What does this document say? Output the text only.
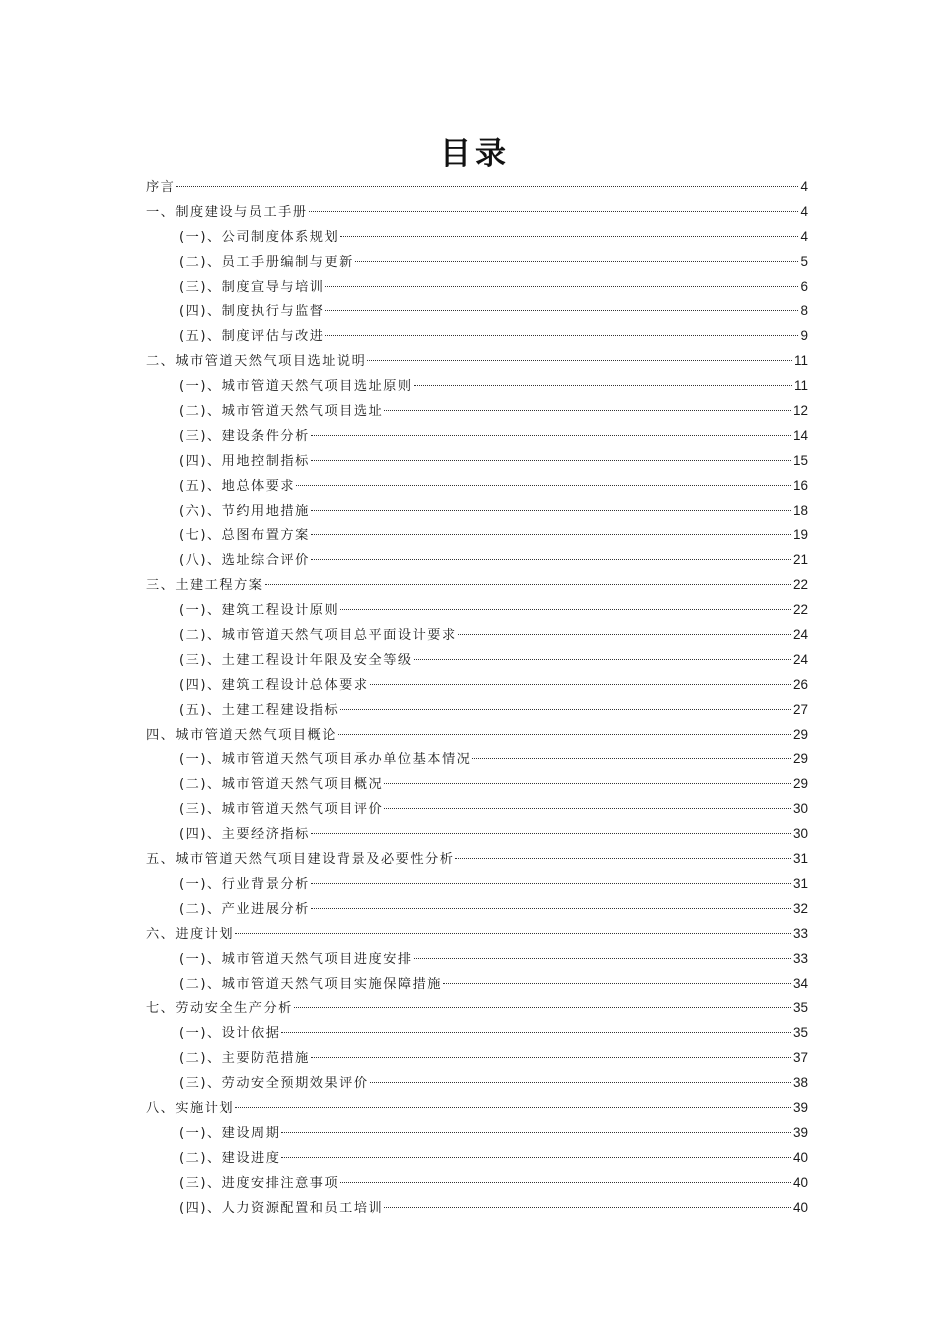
目录
序言	4
一、制度建设与员工手册	4
(一)、公司制度体系规划	4
(二)、员工手册编制与更新	5
(三)、制度宣导与培训	6
(四)、制度执行与监督	8
(五)、制度评估与改进	9
二、城市管道天然气项目选址说明	11
(一)、城市管道天然气项目选址原则	11
(二)、城市管道天然气项目选址	12
(三)、建设条件分析	14
(四)、用地控制指标	15
(五)、地总体要求	16
(六)、节约用地措施	18
(七)、总图布置方案	19
(八)、选址综合评价	21
三、土建工程方案	22
(一)、建筑工程设计原则	22
(二)、城市管道天然气项目总平面设计要求	24
(三)、土建工程设计年限及安全等级	24
(四)、建筑工程设计总体要求	26
(五)、土建工程建设指标	27
四、城市管道天然气项目概论	29
(一)、城市管道天然气项目承办单位基本情况	29
(二)、城市管道天然气项目概况	29
(三)、城市管道天然气项目评价	30
(四)、主要经济指标	30
五、城市管道天然气项目建设背景及必要性分析	31
(一)、行业背景分析	31
(二)、产业进展分析	32
六、进度计划	33
(一)、城市管道天然气项目进度安排	33
(二)、城市管道天然气项目实施保障措施	34
七、劳动安全生产分析	35
(一)、设计依据	35
(二)、主要防范措施	37
(三)、劳动安全预期效果评价	38
八、实施计划	39
(一)、建设周期	39
(二)、建设进度	40
(三)、进度安排注意事项	40
(四)、人力资源配置和员工培训	40
